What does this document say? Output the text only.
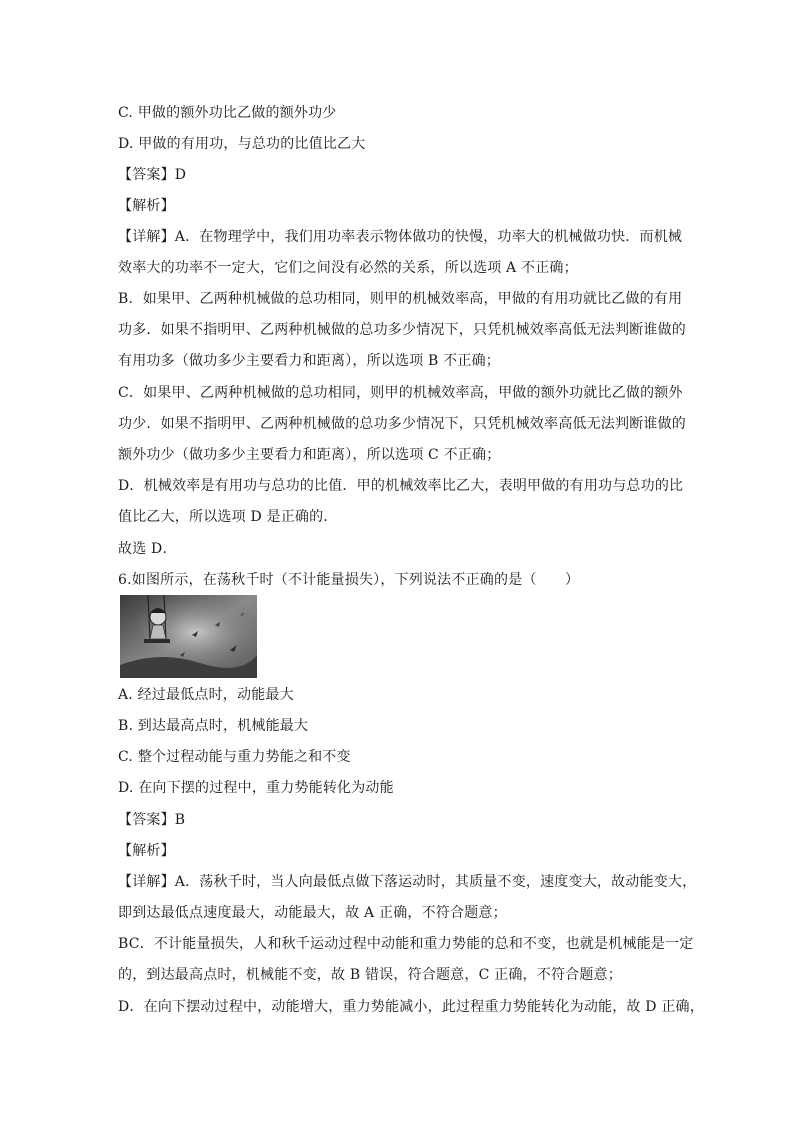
C. 甲做的额外功比乙做的额外功少
D. 甲做的有用功，与总功的比值比乙大
【答案】D
【解析】
【详解】A．在物理学中，我们用功率表示物体做功的快慢，功率大的机械做功快．而机械
效率大的功率不一定大，它们之间没有必然的关系，所以选项 A 不正确；
B．如果甲、乙两种机械做的总功相同，则甲的机械效率高，甲做的有用功就比乙做的有用
功多．如果不指明甲、乙两种机械做的总功多少情况下，只凭机械效率高低无法判断谁做的
有用功多（做功多少主要看力和距离），所以选项 B 不正确；
C．如果甲、乙两种机械做的总功相同，则甲的机械效率高，甲做的额外功就比乙做的额外
功少．如果不指明甲、乙两种机械做的总功多少情况下，只凭机械效率高低无法判断谁做的
额外功少（做功多少主要看力和距离），所以选项 C 不正确；
D．机械效率是有用功与总功的比值．甲的机械效率比乙大，表明甲做的有用功与总功的比
值比乙大，所以选项 D 是正确的．
故选 D．
6.如图所示，在荡秋千时（不计能量损失），下列说法不正确的是（　　）
A. 经过最低点时，动能最大
B. 到达最高点时，机械能最大
C. 整个过程动能与重力势能之和不变
D. 在向下摆的过程中，重力势能转化为动能
【答案】B
【解析】
【详解】A．荡秋千时，当人向最低点做下落运动时，其质量不变，速度变大，故动能变大，
即到达最低点速度最大，动能最大，故 A 正确，不符合题意；
BC．不计能量损失，人和秋千运动过程中动能和重力势能的总和不变，也就是机械能是一定
的，到达最高点时，机械能不变，故 B 错误，符合题意，C 正确，不符合题意；
D．在向下摆动过程中，动能增大，重力势能减小，此过程重力势能转化为动能，故 D 正确，
